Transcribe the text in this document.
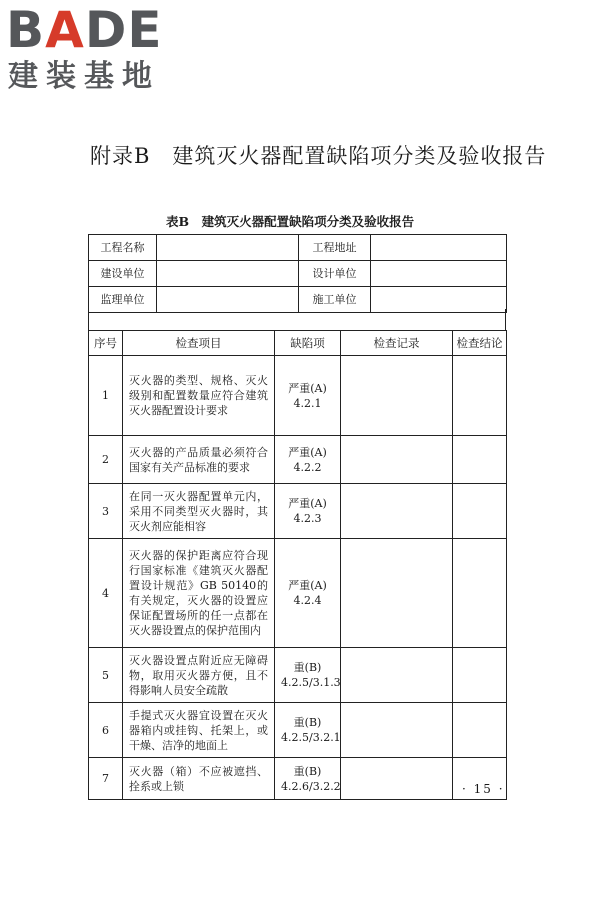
BADE
建装基地
附录B　建筑灭火器配置缺陷项分类及验收报告
表B　建筑灭火器配置缺陷项分类及验收报告
工程名称		工程地址	
建设单位		设计单位	
监理单位		施工单位	
序号	检查项目	缺陷项	检查记录	检查结论
1	灭火器的类型、规格、灭火级别和配置数量应符合建筑灭火器配置设计要求	严重(A)
4.2.1		

2	灭火器的产品质量必须符合国家有关产品标准的要求	严重(A)
4.2.2		

3	在同一灭火器配置单元内，采用不同类型灭火器时，其灭火剂应能相容	严重(A)
4.2.3		

4	灭火器的保护距离应符合现行国家标准《建筑灭火器配置设计规范》GB 50140的有关规定，灭火器的设置应保证配置场所的任一点都在灭火器设置点的保护范围内	严重(A)
4.2.4		

5	灭火器设置点附近应无障碍物，取用灭火器方便，且不得影响人员安全疏散	重(B)
4.2.5/3.1.3		

6	手提式灭火器宜设置在灭火器箱内或挂钩、托架上，或干燥、洁净的地面上	重(B)
4.2.5/3.2.1		

7	灭火器（箱）不应被遮挡、拴系或上锁	重(B)
4.2.6/3.2.2		
			· 15 ·
